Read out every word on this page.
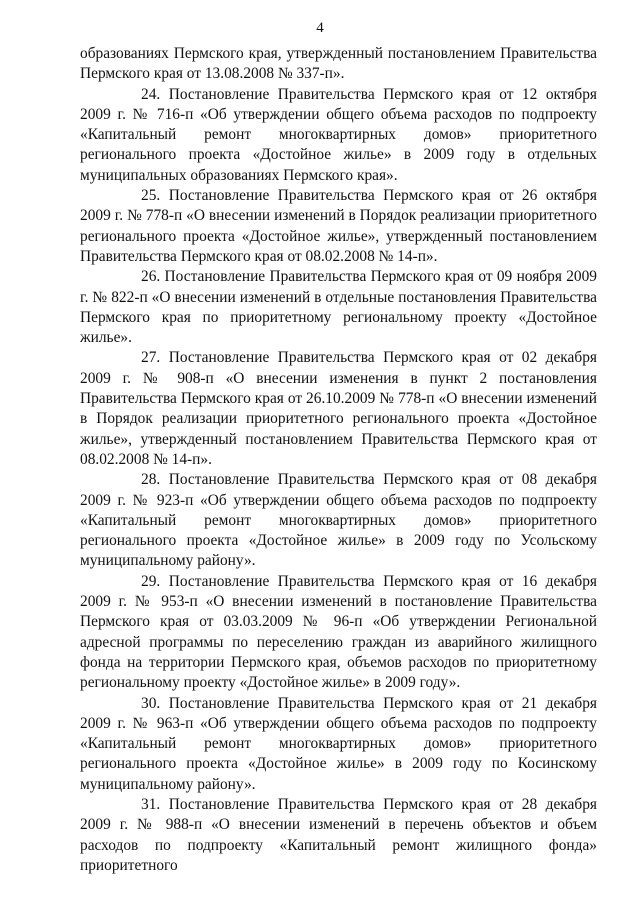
4

образованиях Пермского края, утвержденный постановлением Правительства Пермского края от 13.08.2008 № 337-п».

24. Постановление Правительства Пермского края от 12 октября 2009 г. № 716-п «Об утверждении общего объема расходов по подпроекту «Капитальный ремонт многоквартирных домов» приоритетного регионального проекта «Достойное жилье» в 2009 году в отдельных муниципальных образованиях Пермского края».

25. Постановление Правительства Пермского края от 26 октября 2009 г. № 778-п «О внесении изменений в Порядок реализации приоритетного регионального проекта «Достойное жилье», утвержденный постановлением Правительства Пермского края от 08.02.2008 № 14-п».

26. Постановление Правительства Пермского края от 09 ноября 2009 г. № 822-п «О внесении изменений в отдельные постановления Правительства Пермского края по приоритетному региональному проекту «Достойное жилье».

27. Постановление Правительства Пермского края от 02 декабря 2009 г. № 908-п «О внесении изменения в пункт 2 постановления Правительства Пермского края от 26.10.2009 № 778-п «О внесении изменений в Порядок реализации приоритетного регионального проекта «Достойное жилье», утвержденный постановлением Правительства Пермского края от 08.02.2008 № 14-п».

28. Постановление Правительства Пермского края от 08 декабря 2009 г. № 923-п «Об утверждении общего объема расходов по подпроекту «Капитальный ремонт многоквартирных домов» приоритетного регионального проекта «Достойное жилье» в 2009 году по Усольскому муниципальному району».

29. Постановление Правительства Пермского края от 16 декабря 2009 г. № 953-п «О внесении изменений в постановление Правительства Пермского края от 03.03.2009 № 96-п «Об утверждении Региональной адресной программы по переселению граждан из аварийного жилищного фонда на территории Пермского края, объемов расходов по приоритетному региональному проекту «Достойное жилье» в 2009 году».

30. Постановление Правительства Пермского края от 21 декабря 2009 г. № 963-п «Об утверждении общего объема расходов по подпроекту «Капитальный ремонт многоквартирных домов» приоритетного регионального проекта «Достойное жилье» в 2009 году по Косинскому муниципальному району».

31. Постановление Правительства Пермского края от 28 декабря 2009 г. № 988-п «О внесении изменений в перечень объектов и объем расходов по подпроекту «Капитальный ремонт жилищного фонда» приоритетного
